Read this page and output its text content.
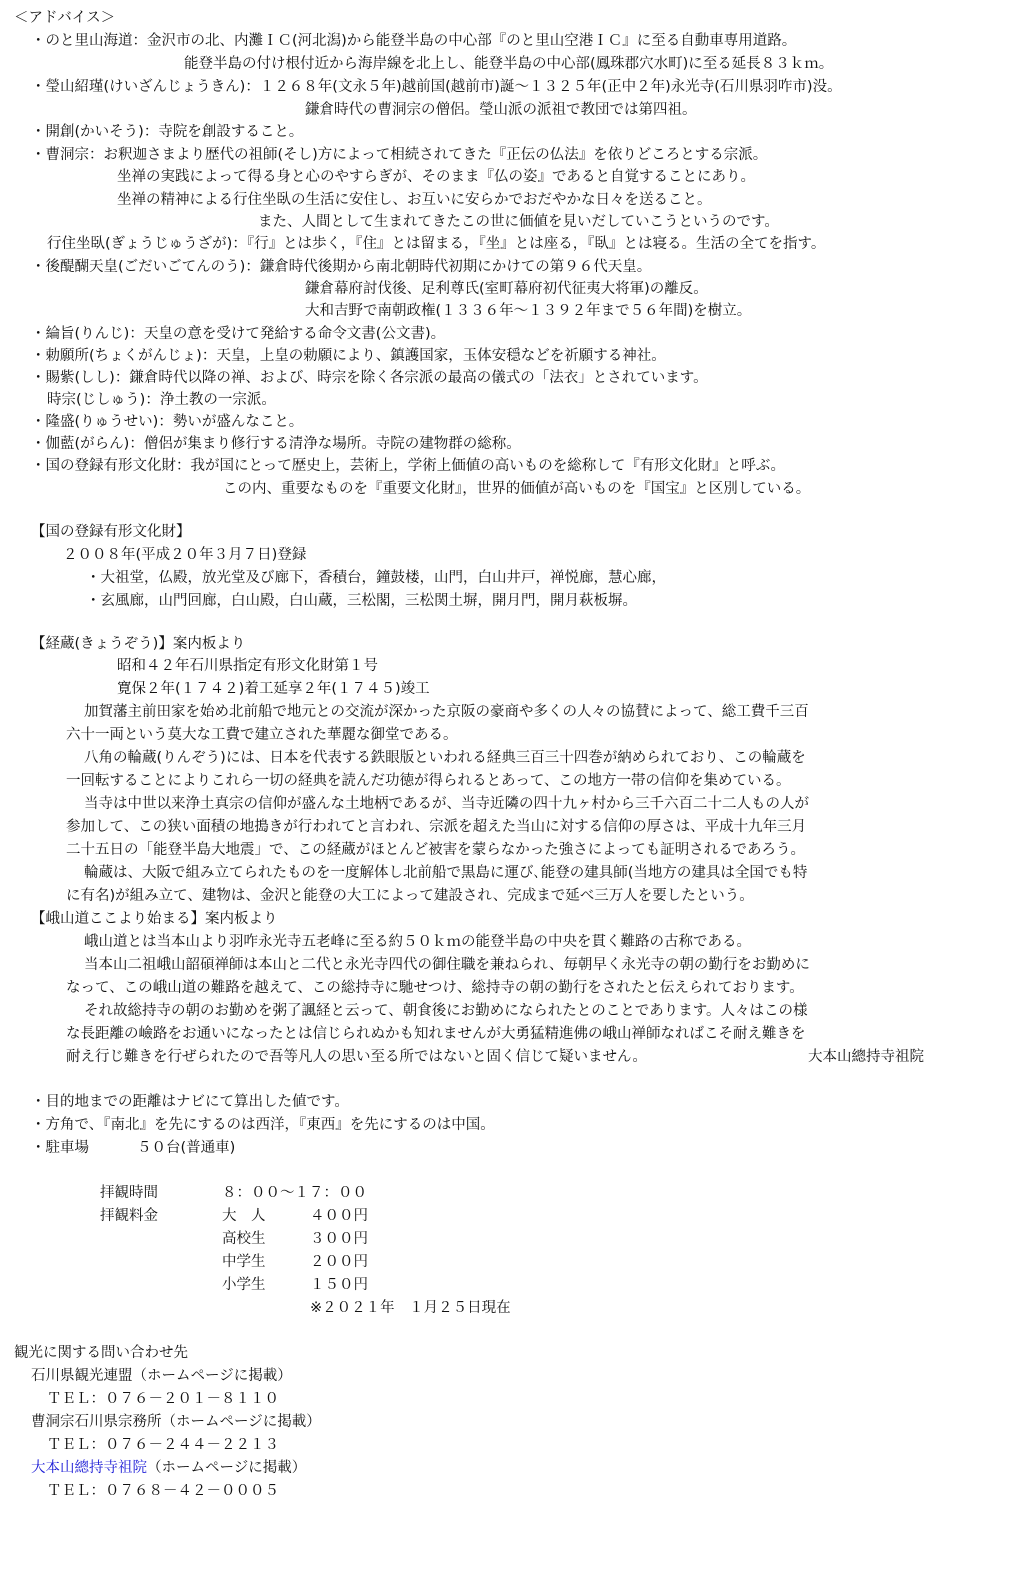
＜アドバイス＞
・のと里山海道：金沢市の北、内灘ＩＣ(河北潟)から能登半島の中心部『のと里山空港ＩＣ』に至る自動車専用道路。
能登半島の付け根付近から海岸線を北上し、能登半島の中心部(鳳珠郡穴水町)に至る延長８３ｋｍ。
・瑩山紹瑾(けいざんじょうきん)：１２６８年(文永５年)越前国(越前市)誕～１３２５年(正中２年)永光寺(石川県羽咋市)没。
鎌倉時代の曹洞宗の僧侶。瑩山派の派祖で教団では第四祖。
・開創(かいそう)：寺院を創設すること。
・曹洞宗：お釈迦さまより歴代の祖師(そし)方によって相続されてきた『正伝の仏法』を依りどころとする宗派。
坐禅の実践によって得る身と心のやすらぎが、そのまま『仏の姿』であると自覚することにあり。
坐禅の精神による行住坐臥の生活に安住し、お互いに安らかでおだやかな日々を送ること。
また、人間として生まれてきたこの世に価値を見いだしていこうというのです。
行住坐臥(ぎょうじゅうざが)：『行』とは歩く，『住』とは留まる，『坐』とは座る，『臥』とは寝る。生活の全てを指す。
・後醍醐天皇(ごだいごてんのう)：鎌倉時代後期から南北朝時代初期にかけての第９６代天皇。
鎌倉幕府討伐後、足利尊氏(室町幕府初代征夷大将軍)の離反。
大和吉野で南朝政権(１３３６年～１３９２年まで５６年間)を樹立。
・綸旨(りんじ)：天皇の意を受けて発給する命令文書(公文書)。
・勅願所(ちょくがんじょ)：天皇，上皇の勅願により、鎮護国家，玉体安穏などを祈願する神社。
・賜紫(しし)：鎌倉時代以降の禅、および、時宗を除く各宗派の最高の儀式の「法衣」とされています。
時宗(じしゅう)：浄土教の一宗派。
・隆盛(りゅうせい)：勢いが盛んなこと。
・伽藍(がらん)：僧侶が集まり修行する清浄な場所。寺院の建物群の総称。
・国の登録有形文化財：我が国にとって歴史上，芸術上，学術上価値の高いものを総称して『有形文化財』と呼ぶ。
この内、重要なものを『重要文化財』，世界的価値が高いものを『国宝』と区別している。
【国の登録有形文化財】
２００８年(平成２０年３月７日)登録
・大祖堂，仏殿，放光堂及び廊下，香積台，鐘鼓楼，山門，白山井戸，禅悦廊，慧心廊，
・玄風廊，山門回廊，白山殿，白山蔵，三松閣，三松関土塀，開月門，開月萩板塀。
【経蔵(きょうぞう)】案内板より
昭和４２年石川県指定有形文化財第１号
寛保２年(１７４２)着工延享２年(１７４５)竣工
加賀藩主前田家を始め北前船で地元との交流が深かった京阪の豪商や多くの人々の協賛によって、総工費千三百
六十一両という莫大な工費で建立された華麗な御堂である。
八角の輪蔵(りんぞう)には、日本を代表する鉄眼版といわれる経典三百三十四巻が納められており、この輪蔵を
一回転することによりこれら一切の経典を読んだ功徳が得られるとあって、この地方一帯の信仰を集めている。
当寺は中世以来浄土真宗の信仰が盛んな土地柄であるが、当寺近隣の四十九ヶ村から三千六百二十二人もの人が
参加して、この狭い面積の地搗きが行われてと言われ、宗派を超えた当山に対する信仰の厚さは、平成十九年三月
二十五日の「能登半島大地震」で、この経蔵がほとんど被害を蒙らなかった強さによっても証明されるであろう。
輪蔵は、大阪で組み立てられたものを一度解体し北前船で黒島に運び､能登の建具師(当地方の建具は全国でも特
に有名)が組み立て、建物は、金沢と能登の大工によって建設され、完成まで延べ三万人を要したという。
【峨山道ここより始まる】案内板より
峨山道とは当本山より羽咋永光寺五老峰に至る約５０ｋｍの能登半島の中央を貫く難路の古称である。
当本山二祖峨山韶碩禅師は本山と二代と永光寺四代の御住職を兼ねられ、毎朝早く永光寺の朝の勤行をお勤めに
なって、この峨山道の難路を越えて、この総持寺に馳せつけ、総持寺の朝の勤行をされたと伝えられております。
それ故総持寺の朝のお勤めを粥了諷経と云って、朝食後にお勤めになられたとのことであります。人々はこの様
な長距離の嶮路をお通いになったとは信じられぬかも知れませんが大勇猛精進佛の峨山禅師なればこそ耐え難きを
耐え行じ難きを行ぜられたので吾等凡人の思い至る所ではないと固く信じて疑いません。	大本山總持寺祖院
・目的地までの距離はナビにて算出した値です。
・方角で、『南北』を先にするのは西洋，『東西』を先にするのは中国。
・駐車場	５０台(普通車)
拝観時間	８：００～１７：００
拝観料金	大　人	４００円
高校生	３００円
中学生	２００円
小学生	１５０円
※２０２１年　１月２５日現在
観光に関する問い合わせ先
石川県観光連盟（ホームページに掲載）
ＴＥＬ：０７６－２０１－８１１０
曹洞宗石川県宗務所（ホームページに掲載）
ＴＥＬ：０７６－２４４－２２１３
大本山總持寺祖院（ホームページに掲載）
ＴＥＬ：０７６８－４２－０００５
